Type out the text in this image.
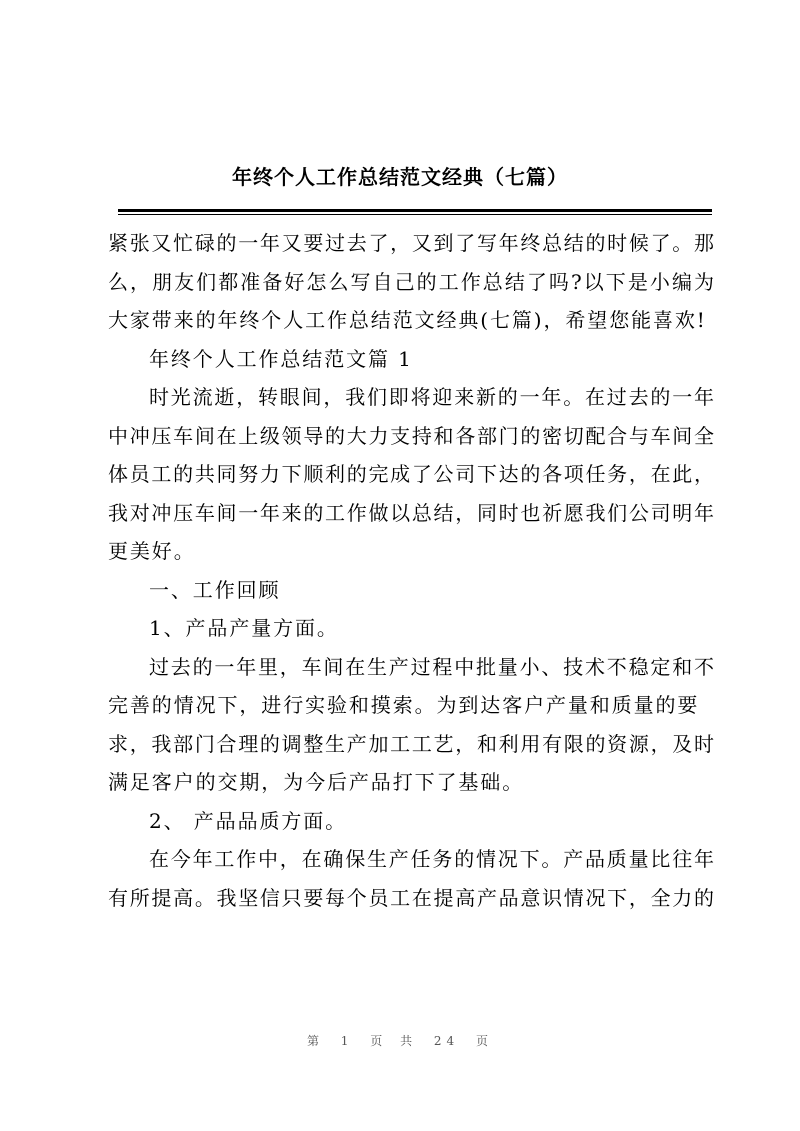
年终个人工作总结范文经典（七篇）
紧张又忙碌的一年又要过去了，又到了写年终总结的时候了。那
么，朋友们都准备好怎么写自己的工作总结了吗?以下是小编为
大家带来的年终个人工作总结范文经典(七篇)，希望您能喜欢!
年终个人工作总结范文篇 1
时光流逝，转眼间，我们即将迎来新的一年。在过去的一年
中冲压车间在上级领导的大力支持和各部门的密切配合与车间全
体员工的共同努力下顺利的完成了公司下达的各项任务，在此，
我对冲压车间一年来的工作做以总结，同时也祈愿我们公司明年
更美好。
一、工作回顾
1、产品产量方面。
过去的一年里，车间在生产过程中批量小、技术不稳定和不
完善的情况下，进行实验和摸索。为到达客户产量和质量的要
求，我部门合理的调整生产加工工艺，和利用有限的资源，及时
满足客户的交期，为今后产品打下了基础。
2、 产品品质方面。
在今年工作中，在确保生产任务的情况下。产品质量比往年
有所提高。我坚信只要每个员工在提高产品意识情况下，全力的
第 1 页 共 24 页
